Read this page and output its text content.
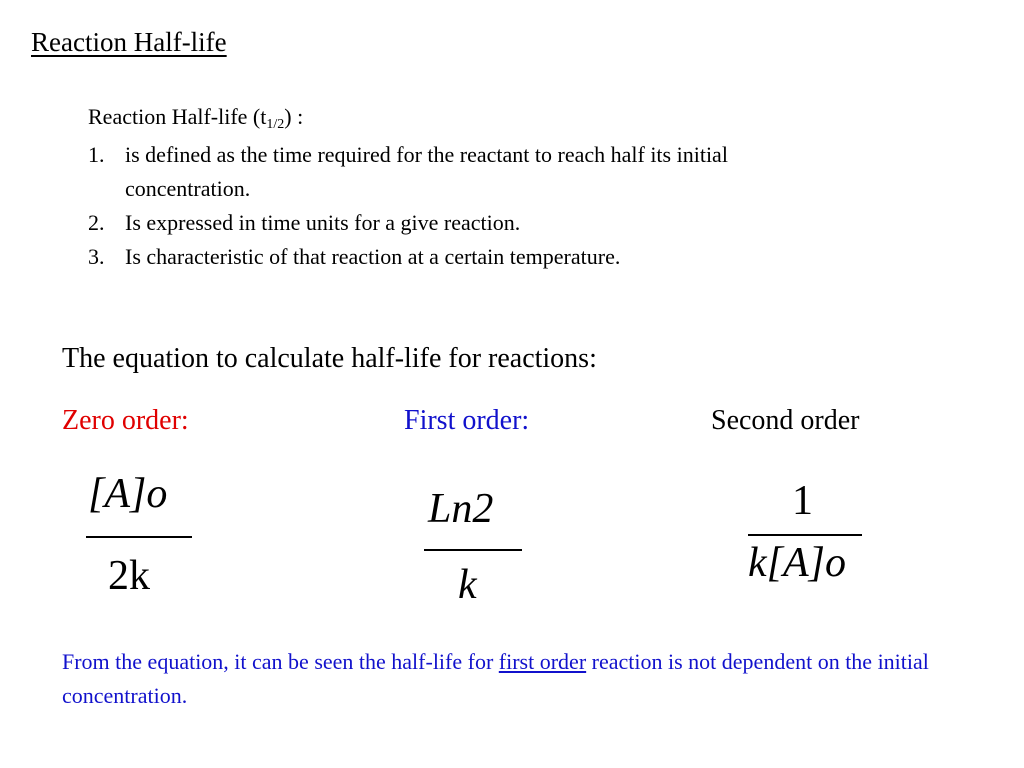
Reaction Half-life
Reaction Half-life $(t_{1/2})$ :
1. is defined as the time required for the reactant to reach half its initial concentration.
2. Is expressed in time units for a give reaction.
3. Is characteristic of that reaction at a certain temperature.
The equation to calculate half-life for reactions:
Zero order:	First order:	Second order
[A]o
2k
Ln2
k
1
k[A]o

From the equation, it can be seen the half-life for first order reaction is not dependent on the initial concentration.
